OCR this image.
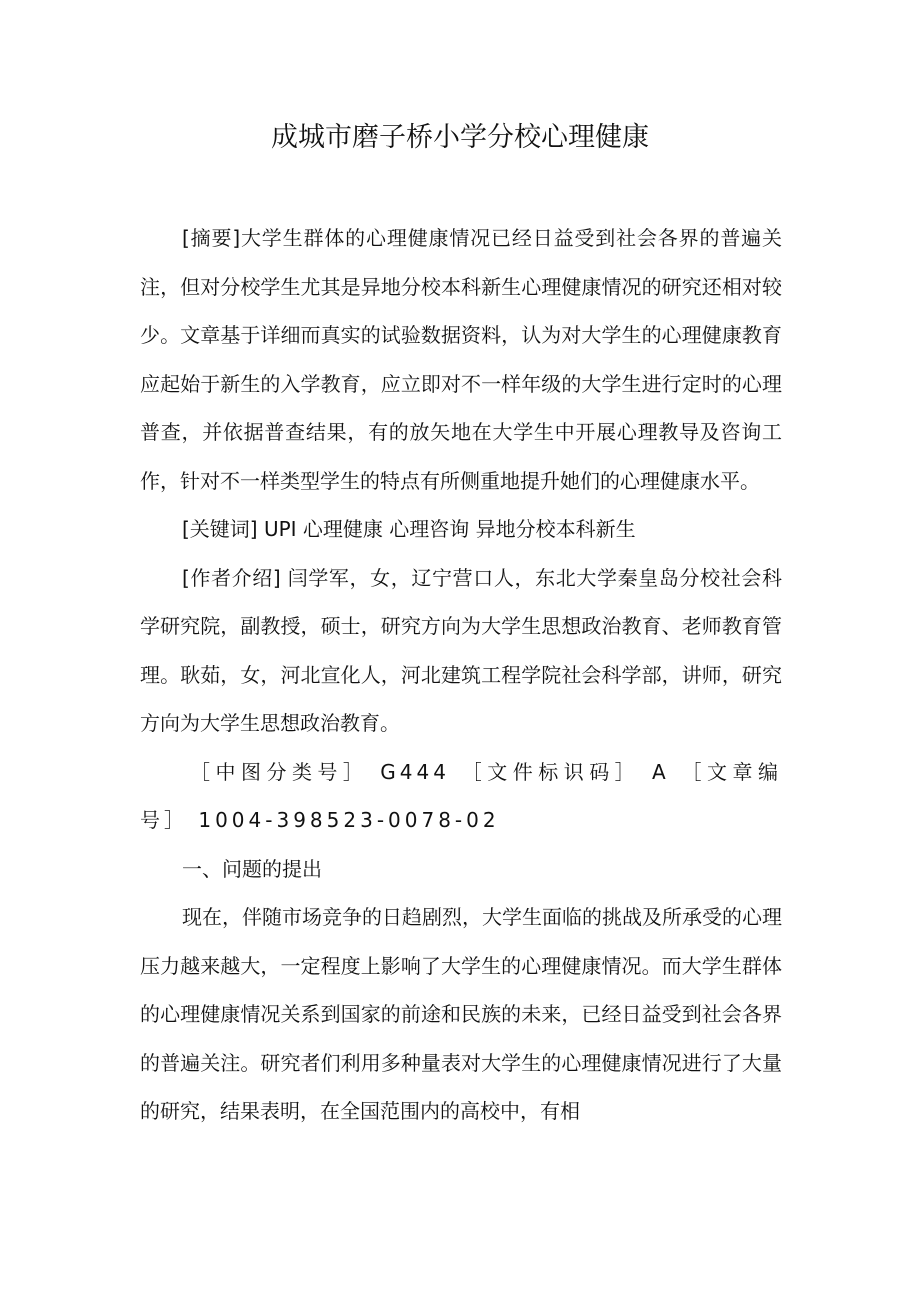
成城市磨子桥小学分校心理健康

[摘要]大学生群体的心理健康情况已经日益受到社会各界的普遍关注，但对分校学生尤其是异地分校本科新生心理健康情况的研究还相对较少。文章基于详细而真实的试验数据资料，认为对大学生的心理健康教育应起始于新生的入学教育，应立即对不一样年级的大学生进行定时的心理普查，并依据普查结果，有的放矢地在大学生中开展心理教导及咨询工作，针对不一样类型学生的特点有所侧重地提升她们的心理健康水平。

[关键词] UPI 心理健康 心理咨询 异地分校本科新生

[作者介绍] 闫学军，女，辽宁营口人，东北大学秦皇岛分校社会科学研究院，副教授，硕士，研究方向为大学生思想政治教育、老师教育管理。耿茹，女，河北宣化人，河北建筑工程学院社会科学部，讲师，研究方向为大学生思想政治教育。

［中图分类号］ G444 ［文件标识码］ A ［文章编号］ 1004-398523-0078-02

一、问题的提出

现在，伴随市场竞争的日趋剧烈，大学生面临的挑战及所承受的心理压力越来越大，一定程度上影响了大学生的心理健康情况。而大学生群体的心理健康情况关系到国家的前途和民族的未来，已经日益受到社会各界的普遍关注。研究者们利用多种量表对大学生的心理健康情况进行了大量的研究，结果表明，在全国范围内的高校中，有相
